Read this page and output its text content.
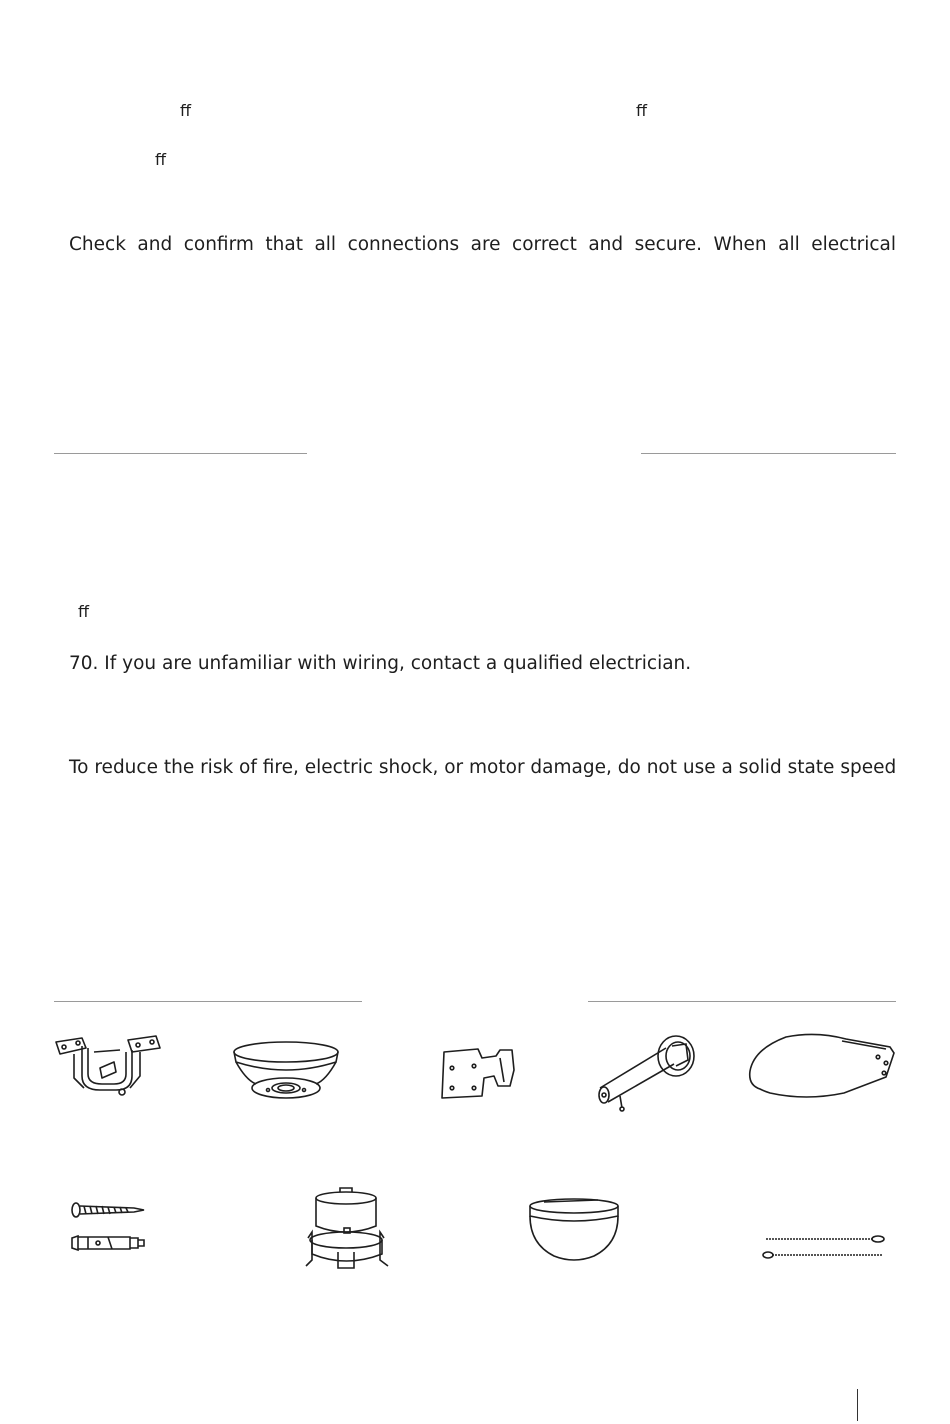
ff	ff
ff
Check and confirm that all connections are correct and secure. When all electrical
ff
70. If you are unfamiliar with wiring, contact a qualified electrician.
To reduce the risk of fire, electric shock, or motor damage, do not use a solid state speed
